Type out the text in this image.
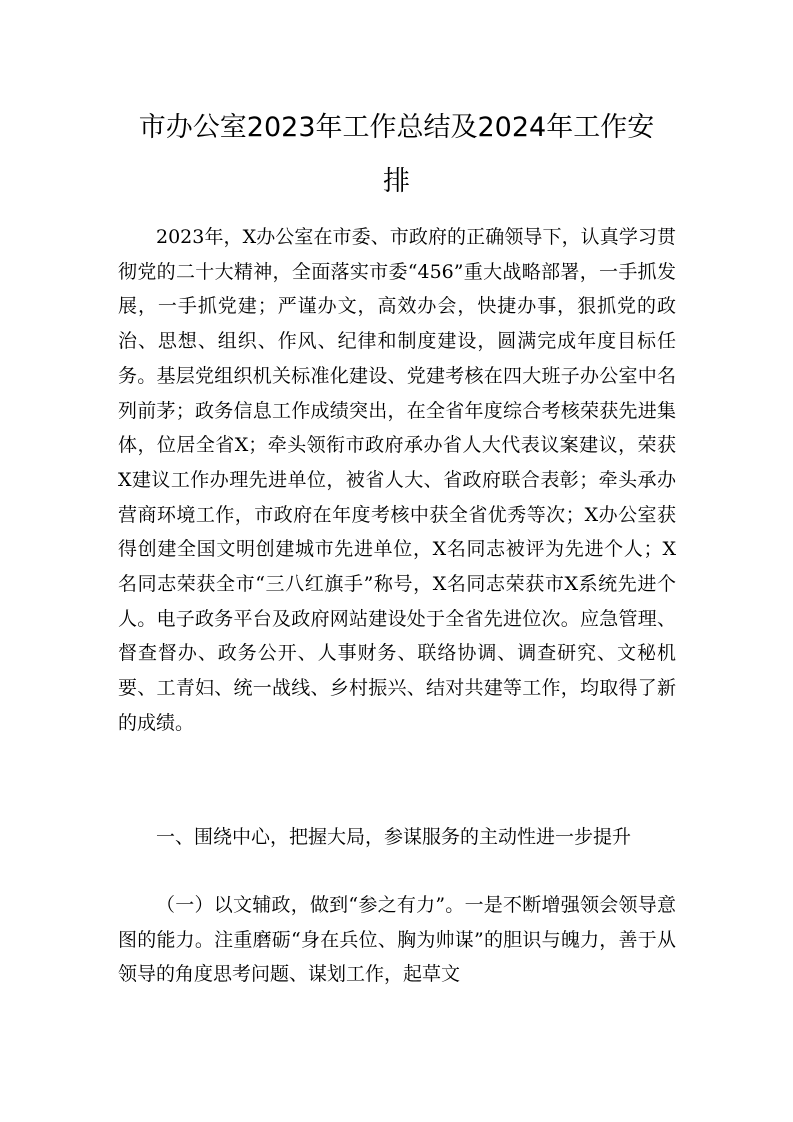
市办公室2023年工作总结及2024年工作安
排

2023年，X办公室在市委、市政府的正确领导下，认真学习贯彻党的二十大精神，全面落实市委“456”重大战略部署，一手抓发展，一手抓党建；严谨办文，高效办会，快捷办事，狠抓党的政治、思想、组织、作风、纪律和制度建设，圆满完成年度目标任务。基层党组织机关标准化建设、党建考核在四大班子办公室中名列前茅；政务信息工作成绩突出，在全省年度综合考核荣获先进集体，位居全省X；牵头领衔市政府承办省人大代表议案建议，荣获X建议工作办理先进单位，被省人大、省政府联合表彰；牵头承办营商环境工作，市政府在年度考核中获全省优秀等次；X办公室获得创建全国文明创建城市先进单位，X名同志被评为先进个人；X名同志荣获全市“三八红旗手”称号，X名同志荣获市X系统先进个人。电子政务平台及政府网站建设处于全省先进位次。应急管理、督查督办、政务公开、人事财务、联络协调、调查研究、文秘机要、工青妇、统一战线、乡村振兴、结对共建等工作，均取得了新的成绩。

一、围绕中心，把握大局，参谋服务的主动性进一步提升

（一）以文辅政，做到“参之有力”。一是不断增强领会领导意图的能力。注重磨砺“身在兵位、胸为帅谋”的胆识与魄力，善于从领导的角度思考问题、谋划工作，起草文
